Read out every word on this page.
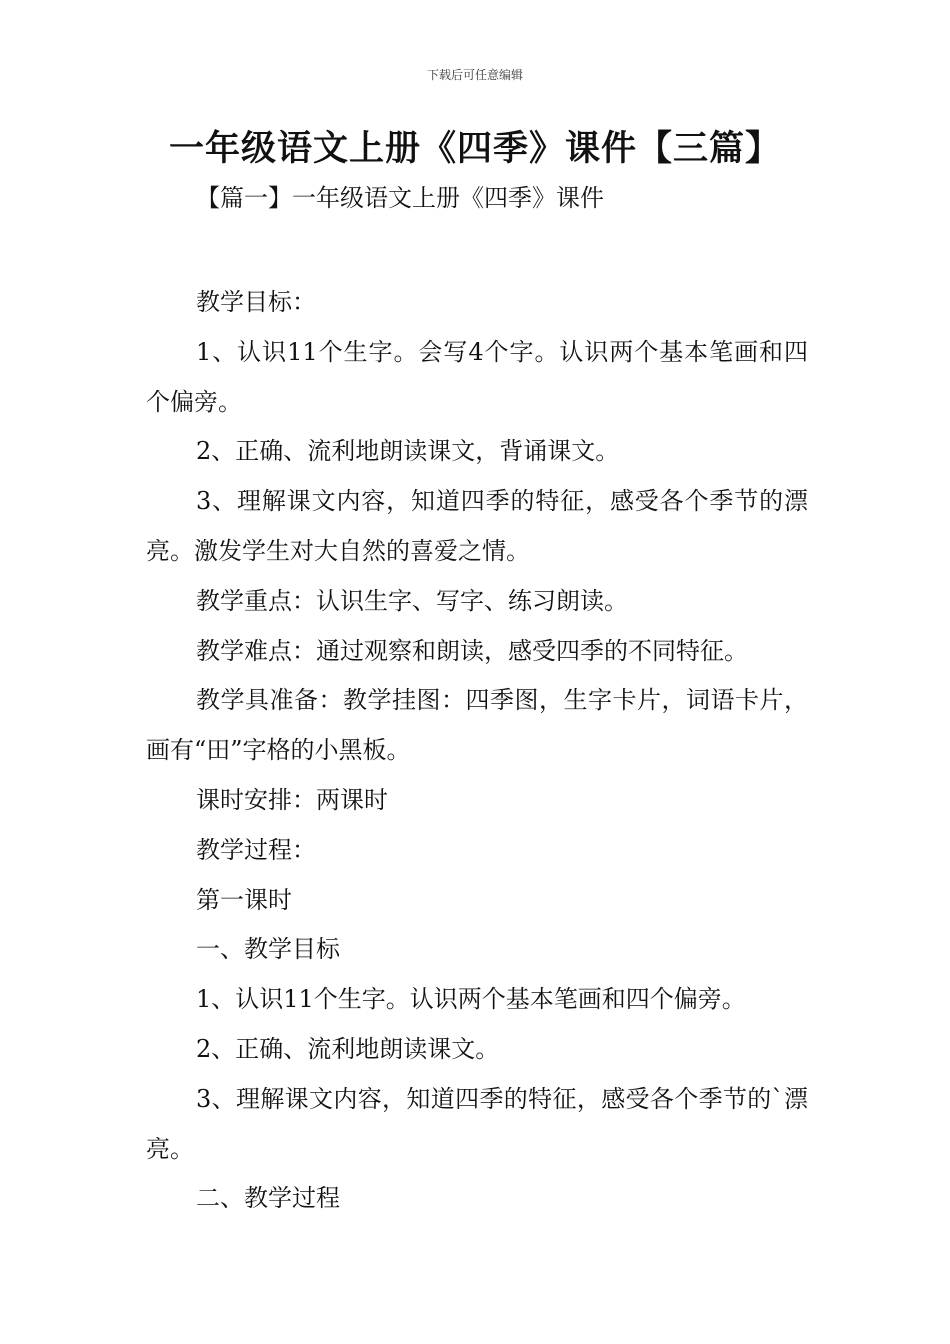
下载后可任意编辑
一年级语文上册《四季》课件【三篇】
【篇一】一年级语文上册《四季》课件

教学目标：

1、认识11个生字。会写4个字。认识两个基本笔画和四个偏旁。

2、正确、流利地朗读课文，背诵课文。

3、理解课文内容，知道四季的特征，感受各个季节的漂亮。激发学生对大自然的喜爱之情。

教学重点：认识生字、写字、练习朗读。

教学难点：通过观察和朗读，感受四季的不同特征。

教学具准备：教学挂图：四季图，生字卡片，词语卡片，画有“田”字格的小黑板。

课时安排：两课时

教学过程：

第一课时

一、教学目标

1、认识11个生字。认识两个基本笔画和四个偏旁。

2、正确、流利地朗读课文。

3、理解课文内容，知道四季的特征，感受各个季节的`漂亮。

二、教学过程
